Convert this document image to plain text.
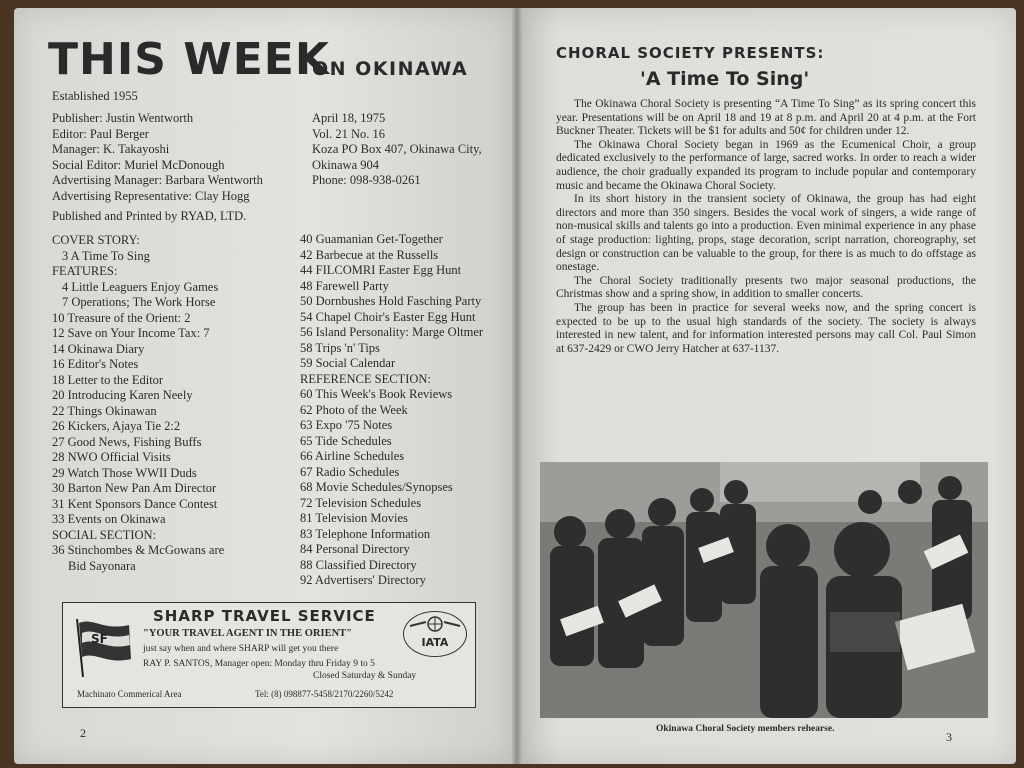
THIS WEEK
ON OKINAWA
Established 1955
Publisher: Justin Wentworth
Editor: Paul Berger
Manager: K. Takayoshi
Social Editor: Muriel McDonough
Advertising Manager: Barbara Wentworth
Advertising Representative: Clay Hogg
April 18, 1975
Vol. 21 No. 16
Koza PO Box 407, Okinawa City,
Okinawa 904
Phone: 098-938-0261
Published and Printed by RYAD, LTD.
COVER STORY:
3 A Time To Sing
FEATURES:
4 Little Leaguers Enjoy Games
7 Operations; The Work Horse
10 Treasure of the Orient: 2
12 Save on Your Income Tax: 7
14 Okinawa Diary
16 Editor's Notes
18 Letter to the Editor
20 Introducing Karen Neely
22 Things Okinawan
26 Kickers, Ajaya Tie 2:2
27 Good News, Fishing Buffs
28 NWO Official Visits
29 Watch Those WWII Duds
30 Barton New Pan Am Director
31 Kent Sponsors Dance Contest
33 Events on Okinawa
SOCIAL SECTION:
36 Stinchombes & McGowans are
Bid Sayonara
40 Guamanian Get-Together
42 Barbecue at the Russells
44 FILCOMRI Easter Egg Hunt
48 Farewell Party
50 Dornbushes Hold Fasching Party
54 Chapel Choir's Easter Egg Hunt
56 Island Personality: Marge Oltmer
58 Trips 'n' Tips
59 Social Calendar
REFERENCE SECTION:
60 This Week's Book Reviews
62 Photo of the Week
63 Expo '75 Notes
65 Tide Schedules
66 Airline Schedules
67 Radio Schedules
68 Movie Schedules/Synopses
72 Television Schedules
81 Television Movies
83 Telephone Information
84 Personal Directory
88 Classified Directory
92 Advertisers' Directory
SF
SHARP TRAVEL SERVICE
"YOUR TRAVEL AGENT IN THE ORIENT"
just say when and where SHARP will get you there
RAY P. SANTOS, Manager open: Monday thru Friday 9 to 5
Closed Saturday & Sunday
IATA
Machinato Commerical Area	Tel: (8) 098877-5458/2170/2260/5242
2
CHORAL SOCIETY PRESENTS:
'A Time To Sing'

The Okinawa Choral Society is presenting “A Time To Sing” as its spring concert this year. Presentations will be on April 18 and 19 at 8 p.m. and April 20 at 4 p.m. at the Fort Buckner Theater. Tickets will be $1 for adults and 50¢ for children under 12.

The Okinawa Choral Society began in 1969 as the Ecumenical Choir, a group dedicated exclusively to the performance of large, sacred works. In order to reach a wider audience, the choir gradually expanded its program to include popular and contemporary music and became the Okinawa Choral Society.

In its short history in the transient society of Okinawa, the group has had eight directors and more than 350 singers. Besides the vocal work of singers, a wide range of non-musical skills and talents go into a production. Even minimal experience in any phase of stage production: lighting, props, stage decoration, script narration, choreography, set design or construction can be valuable to the group, for there is as much to do offstage as onestage.

The Choral Society traditionally presents two major seasonal productions, the Christmas show and a spring show, in addition to smaller concerts.

The group has been in practice for several weeks now, and the spring concert is expected to be up to the usual high standards of the society. The society is always interested in new talent, and for information interested persons may call Col. Paul Simon at 637-2429 or CWO Jerry Hatcher at 637-1137.

Okinawa Choral Society members rehearse.
3
